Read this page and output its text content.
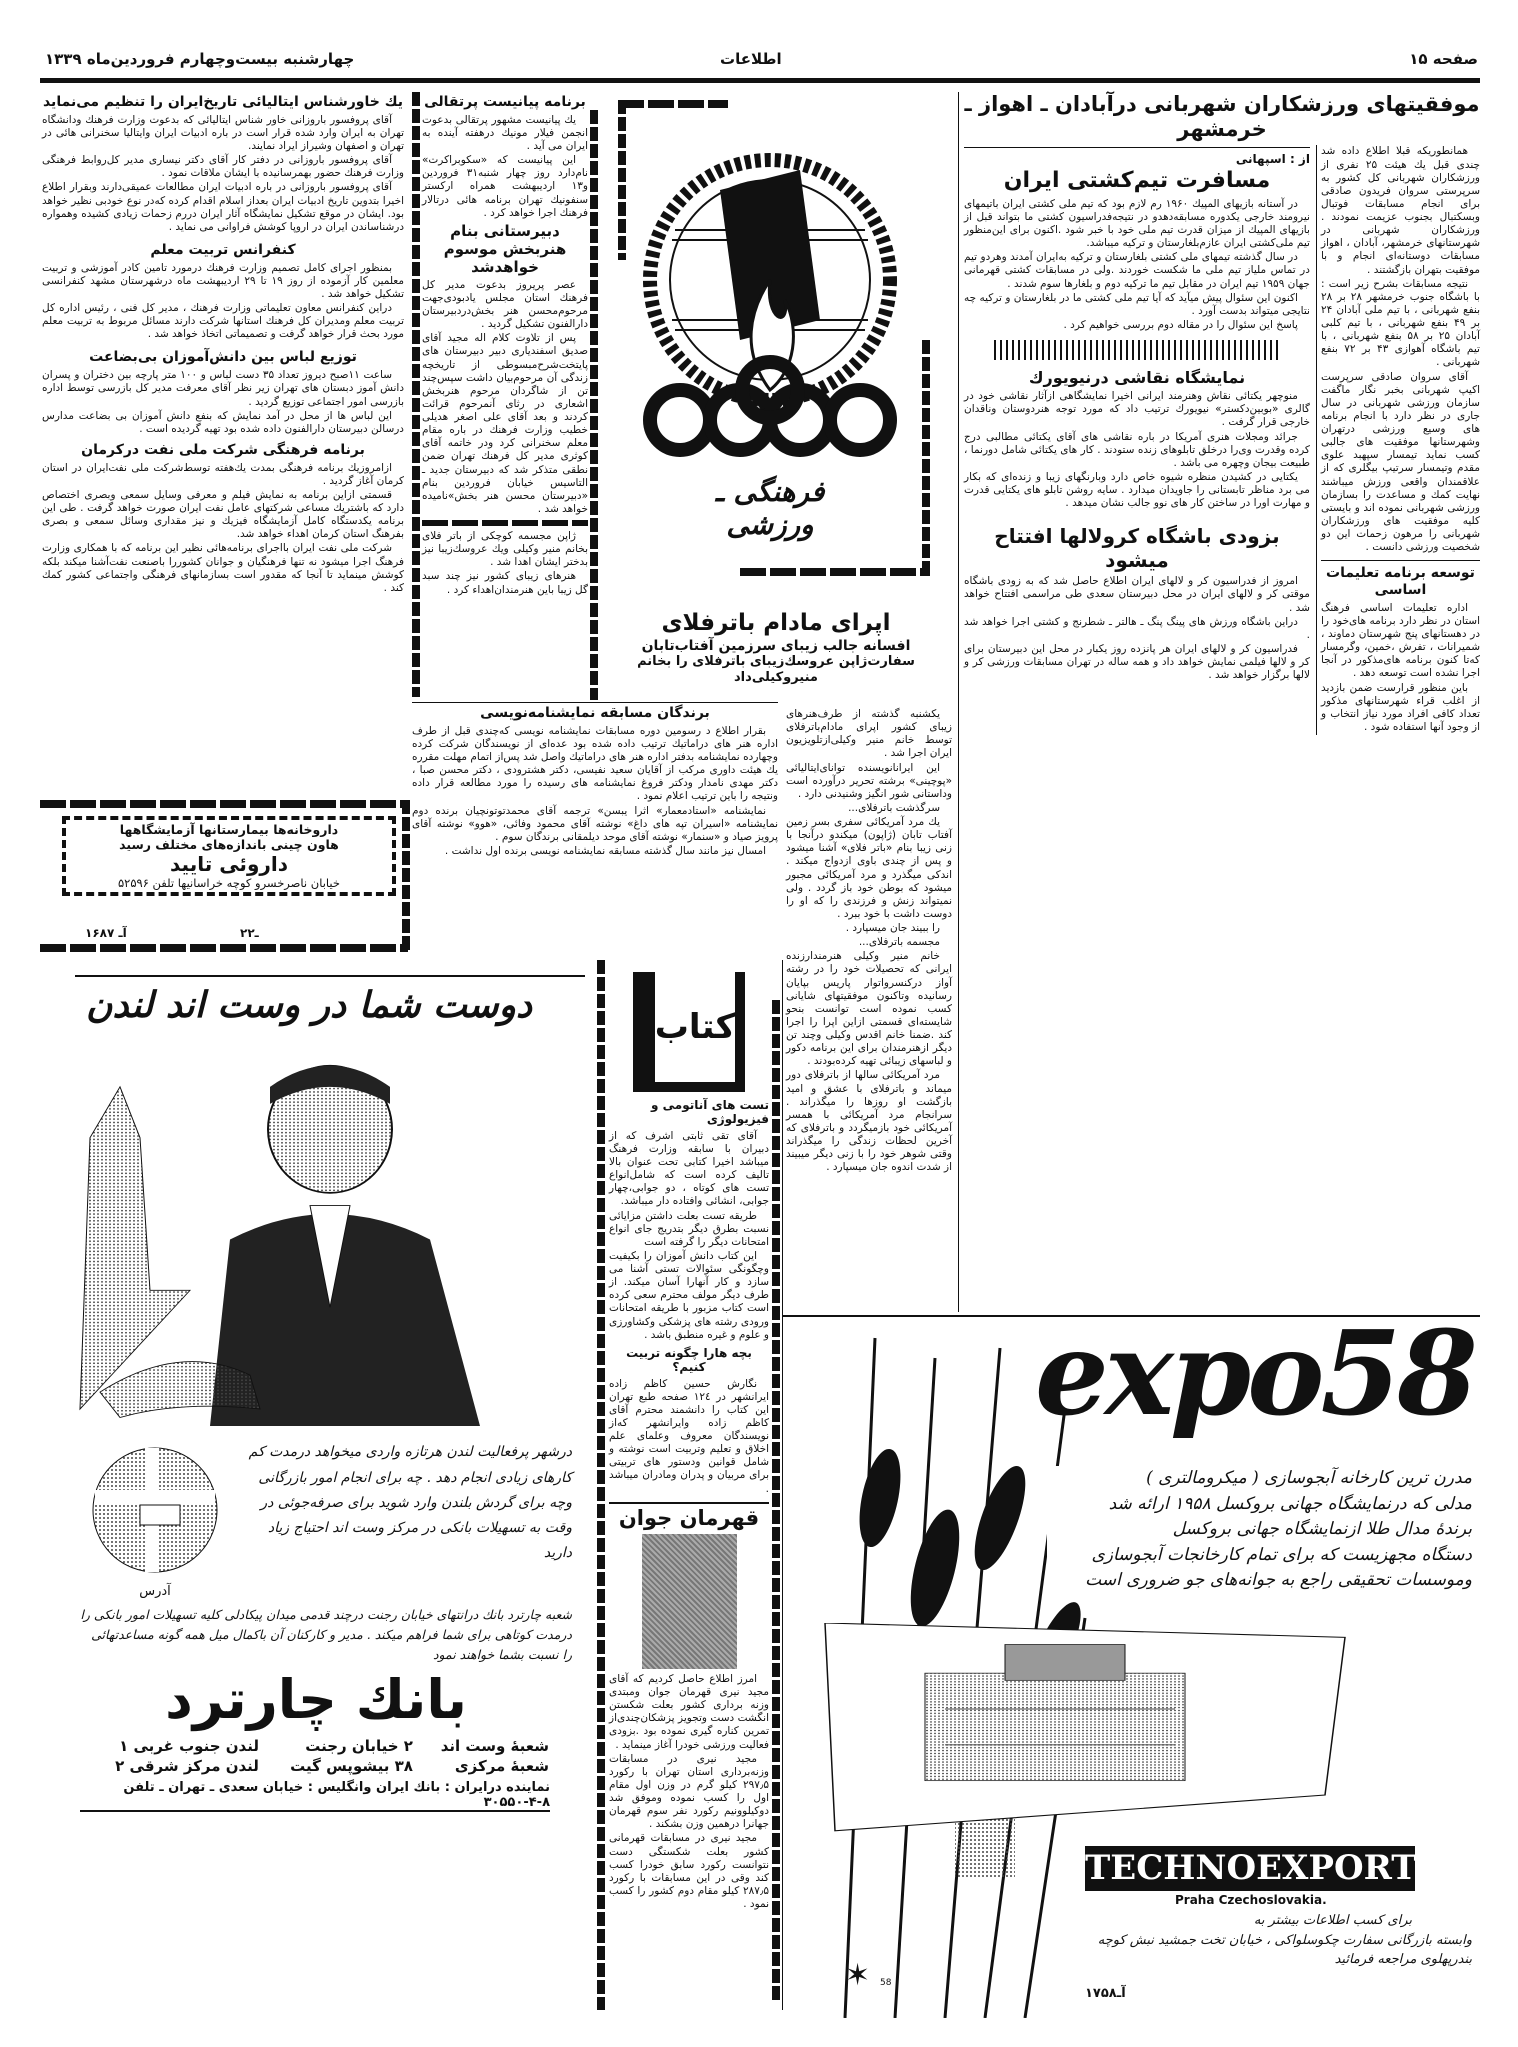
صفحه ۱۵
اطلاعات
چهارشنبه بیست‌وچهارم فروردین‌ماه ۱۳۳۹
موفقیتهای ورزشکاران شهربانی درآبادان ـ اهواز ـ خرمشهر
از : اسپهانی
مسافرت تیم‌کشتی ایران

در آستانه بازیهای المپیك ۱۹۶۰ رم لازم بود که تیم ملی کشتی ایران باتیمهای نیرومند خارجی یکدوره مسابقه‌دهدو در نتیجه‌فدراسیون کشتی ما بتواند قبل از بازیهای المپیك از میزان قدرت تیم ملی خود با خبر شود .اکنون برای این‌منظور تیم ملی‌کشتی ایران عازم‌بلغارستان و ترکیه میباشد.

در سال گذشته تیمهای ملی کشتی بلغارستان و ترکیه به‌ایران آمدند وهردو تیم در تماس ملیاز تیم ملی ما شکست خوردند .ولی در مسابقات کشتی قهرمانی جهان ۱۹۵۹ تیم ایران در مقابل تیم ما ترکیه دوم و بلغارها سوم شدند .

اکنون این سئوال پیش میآید که آیا تیم ملی کشتی ما در بلغارستان و ترکیه چه نتایجی میتواند بدست آورد .

پاسخ این سئوال را در مقاله دوم بررسی خواهیم کرد .

نمایشگاه نقاشی درنیویورك

منوچهر یکتائی نقاش وهنرمند ایرانی اخیرا نمایشگاهی ازآثار نقاشی خود در گالری «بوبین‌دکستر» نیویورك ترتیب داد که مورد توجه هنردوستان وناقدان خارجی قرار گرفت .

جرائد ومجلات هنری آمریکا در باره نقاشی های آقای یکتائی مطالبی درج کرده وقدرت وی‌را درخلق تابلوهای زنده ستودند . کار های یکتائی شامل دورنما ، طبیعت بیجان وچهره می باشد .

یکتایی در کشیدن منظره شیوه خاص دارد وبارنگهای زیبا و زنده‌ای که بکار می برد مناظر تابستانی را جاویدان میدارد . سایه روشن تابلو های یکتایی قدرت و مهارت اورا در ساختن کار های نوو جالب نشان میدهد .

بزودی باشگاه کرولالها افتتاح میشود

امروز از فدراسیون کر و لالهای ایران اطلاع حاصل شد که به زودی باشگاه موقتی کر و لالهای ایران در محل دبیرستان سعدی طی مراسمی افتتاح خواهد شد .

دراین باشگاه ورزش های پینگ پنگ ـ هالتر ـ شطرنج و کشتی اجرا خواهد شد .

فدراسیون کر و لالهای ایران هر پانزده روز یکبار در محل این دبیرستان برای کر و لالها فیلمی نمایش خواهد داد و همه ساله در تهران مسابقات ورزشی کر و لالها برگزار خواهد شد .

همانطوریکه قبلا اطلاع داده شد چندی قبل یك هیئت ۲۵ نفری از ورزشکاران شهربانی کل کشور به سرپرستی سروان فریدون صادقی برای انجام مسابقات فوتبال وبسکتبال بجنوب عزیمت نمودند . ورزشکاران شهربانی در شهرستانهای خرمشهر، آبادان ، اهواز مسابقات دوستانه‌ای انجام و با موفقیت بتهران بازگشتند .

نتیجه مسابقات بشرح زیر است : با باشگاه جنوب خرمشهر ۲۸ بر ۲۸ بنفع شهربانی ، با تیم ملی آبادان ۲۴ بر ۴۹ بنفع شهربانی ، با تیم کلبی آبادان ۲۵ بر ۵۸ بنفع شهربانی ، با تیم باشگاه آهوازی ۴۳ بر ۷۲ بنفع شهربانی .

آقای سروان صادقی سرپرست اکیپ شهربانی بخبر نگار ماگفت سازمان ورزشی شهربانی در سال جاری در نظر دارد با انجام برنامه های وسیع ورزشی درتهران وشهرستانها موفقیت های جالبی کسب نماید تیمسار سپهبد علوی مقدم وتیمسار سرتیپ بیگلری که از علاقمندان واقعی ورزش میباشند نهایت کمك و مساعدت را بسازمان ورزشی شهربانی نموده اند و بایستی کلیه موفقیت های ورزشکاران شهربانی را مرهون زحمات این دو شخصیت ورزشی دانست .

توسعه برنامه تعلیمات اساسی

اداره تعلیمات اساسی فرهنگ استان در نظر دارد برنامه های‌خود را در دهستانهای پنج شهرستان دماوند ، شمیرانات ، تفرش ،خمین، وگرمسار که‌تا کنون برنامه های‌مذکور در آنجا اجرا نشده است توسعه دهد .

باین منظور قرارست ضمن بازدید از اغلب قراء شهرستانهای مذکور تعداد کافی افراد مورد نیاز انتخاب و از وجود آنها استفاده شود .

فرهنگی ـ ورزشی
اپرای مادام باترفلای
افسانه جالب زیبای سرزمین آفتاب‌تابان
سفارت‌ژاپن عروسك‌زیبای باترفلای را بخانم منیروکیلی‌داد

یکشنبه گذشته از طرف‌هنرهای زیبای کشور اپرای مادام‌باترفلای توسط خانم منیر وکیلی‌ازتلویزیون ایران اجرا شد .

این ایرانانویسنده توانای‌ایتالیائی «پوچینی» برشته تحریر درآورده است وداستانی شور انگیز وشنیدنی دارد .

سرگذشت باترفلای...

یك مرد آمریکائی سفری بسر زمین آفتاب تابان (ژاپون) میکندو درآنجا با زنی زیبا بنام «باتر فلای» آشنا میشود و پس از چندی باوی ازدواج میکند . اندکی میگذرد و مرد آمریکائی مجبور میشود که بوطن خود باز گردد . ولی نمیتواند زنش و فرزندی را که او را دوست داشت با خود ببرد .

را ببیند جان میسپارد .

مجسمه باترفلای...

خانم منیر وکیلی هنرمندارزنده ایرانی که تحصیلات خود را در رشته آواز درکنسرواتوار پاریس بپایان رسانیده وتاکنون موفقیتهای شایانی کسب نموده است توانست بنحو شایسته‌ای قسمتی ازاین اپرا را اجرا کند .ضمنا خانم اقدس وکیلی وچند تن دیگر ازهنرمندان برای این برنامه دکور و لباسهای زیبائی تهیه کرده‌بودند .

مرد آمریکائی سالها از باترفلای دور میماند و باترفلای با عشق و امید بازگشت او روزها را میگذراند . سرانجام مرد آمریکائی با همسر آمریکائی خود بازمیگردد و باترفلای که آخرین لحظات زندگی را میگذراند وقتی شوهر خود را با زنی دیگر میبیند از شدت اندوه جان میسپارد .

برنامه پیانیست پرتقالی

یك پیانیست مشهور پرتقالی بدعوت انجمن فیلار مونیك درهفته آینده به ایران می آید .

این پیانیست که «سکوبراکرت» نام‌دارد روز چهار شنبه۳۱ فروردین و۱۳ اردیبهشت همراه ارکستر سنفونیك تهران برنامه هائی درتالار فرهنك اجرا خواهد کرد .

دبیرستانی بنام هنربخش موسوم خواهدشد

عصر پریروز بدعوت مدیر کل فرهنك استان مجلس یادبودی‌جهت مرحوم‌محسن هنر بخش‌دردبیرستان دارالفنون تشکیل گردید .

پس از تلاوت کلام اله مجید آقای صدیق اسفندیاری دبیر دبیرستان های پایتخت‌شرح‌مبسوطی از تاریخچه زندگی آن مرحوم‌بیان داشت سپس‌چند تن از شاگردان مرحوم هنربخش اشعاری در رثای آنمرحوم قرائت کردند و بعد آقای علی اصغر هدیلی خطیب وزارت فرهنك در باره مقام معلم سخنرانی کرد ودر خاتمه آقای کوثری مدیر کل فرهنك تهران ضمن نطقی متذکر شد که دبیرستان جدید ـ التاسیس خیابان فروردین بنام «دبیرستان محسن هنر بخش»نامیده خواهد شد .

ژاپن مجسمه کوچکی از باتر فلای بخانم منیر وکیلی ویك عروسك‌زیبا نیز بدختر ایشان اهدا شد .

هنرهای زیبای کشور نیز چند سبد گل زیبا باین هنرمندان‌اهداء کرد .

برندگان مسابقه نمایشنامه‌نویسی

بقرار اطلاع د رسومین دوره مسابقات نمایشنامه نویسی که‌چندی قبل از طرف اداره هنر های دراماتیك ترتیب داده شده بود عده‌ای از نویسندگان شرکت کرده وچهارده نمایشنامه بدفتر اداره هنر های دراماتیك واصل شد پس‌از اتمام مهلت مقرره یك هیئت داوری مرکب از آقایان سعید نفیسی، دکتر هشترودی ، دکتر محسن صبا ، دکتر مهدی نامدار ودکتر فروغ نمایشنامه های رسیده را مورد مطالعه قرار داده ونتیجه را باین ترتیب اعلام نمود .

نمایشنامه «استادمعمار» اثرا یبسن» ترجمه آقای محمدتوتونچیان برنده دوم نمایشنامه «اسیران تپه های داغ» نوشته آقای محمود وفائی، «هوو» نوشته آقای پرویز صیاد و «سنمار» نوشته آقای موحد دیلمقانی برندگان سوم .

امسال نیز مانند سال گذشته مسابقه نمایشنامه نویسی برنده اول نداشت .

یك خاورشناس ایتالیائی تاریخ‌ایران را تنظیم می‌نماید

آقای پروفسور باروزانی خاور شناس ایتالیائی که بدعوت وزارت فرهنك ودانشگاه تهران به ایران وارد شده قرار است در باره ادبیات ایران وایتالیا سخنرانی هائی در تهران و اصفهان وشیراز ایراد نمایند.

آقای پروفسور باروزانی در دفتر کار آقای دکتر نیساری مدیر کل‌روابط فرهنگی وزارت فرهنك حضور بهمرسانیده با ایشان ملاقات نمود .

آقای پروفسور باروزانی در باره ادبیات ایران مطالعات عمیقی‌دارند وبقرار اطلاع اخیرا بتدوین تاریخ ادبیات ایران بعداز اسلام اقدام کرده که‌در نوع خودبی نظیر خواهد بود. ایشان در موقع تشکیل نمایشگاه آثار ایران دررم زحمات زیادی کشیده وهمواره درشناساندن ایران در اروپا کوشش فراوانی می نماید .

کنفرانس تربیت معلم

بمنظور اجرای کامل تصمیم وزارت فرهنك درمورد تامین کادر آموزشی و تربیت معلمین کار آزموده از روز ۱۹ تا ۲۹ اردیبهشت ماه درشهرستان مشهد کنفرانسی تشکیل خواهد شد .

دراین کنفرانس معاون تعلیماتی وزارت فرهنك ، مدیر کل فنی ، رئیس اداره کل تربیت معلم ومدیران کل فرهنك استانها شرکت دارند مسائل مربوط به تربیت معلم مورد بحث قرار خواهد گرفت و تصمیماتی اتخاذ خواهد شد .

توزیع لباس بین دانش‌آموزان بی‌بضاعت

ساعت ۱۱صبح دیروز تعداد ۳۵ دست لباس و ۱۰۰ متر پارچه بین دختران و پسران دانش آموز دبستان های تهران زیر نظر آقای معرفت مدیر کل بازرسی توسط اداره بازرسی امور اجتماعی توزیع گردید .

این لباس ها از محل در آمد نمایش که بنفع دانش آموزان بی بضاعت مدارس درسالن دبیرستان دارالفنون داده شده بود تهیه گردیده است .

برنامه فرهنگی شرکت ملی نفت درکرمان

ازامروزیك برنامه فرهنگی بمدت یك‌هفته توسط‌شرکت ملی نفت‌ایران در استان کرمان آغاز گردید .

قسمتی ازاین برنامه به نمایش فیلم و معرفی وسایل سمعی وبصری اختصاص دارد که باشتریك مساعی شرکتهای عامل نفت ایران صورت خواهد گرفت . طی این برنامه یکدستگاه کامل آزمایشگاه فیزیك و نیز مقداری وسائل سمعی و بصری بفرهنگ استان کرمان اهداء خواهد شد.

شرکت ملی نفت ایران بااجرای برنامه‌هائی نظیر این برنامه که با همکاری وزارت فرهنگ اجرا میشود نه تنها فرهنگیان و جوانان کشوررا باصنعت نفت‌آشنا میکند بلکه کوشش مینماید تا آنجا که مقدور است بسازمانهای فرهنگی واجتماعی کشور کمك کند .

داروخانه‌ها بیمارستانها آزمایشگاهها
هاون چینی باندازه‌های مختلف رسید
داروئی تایید
خیابان ناصرخسرو کوچه خراسانیها تلفن ۵۲۵۹۶
آـ ۱۶۸۷	۲ـ۲
کتاب
تست های آناتومی و فیزیولوژی

آقای تقی ثابتی اشرف که از دبیران با سابقه وزارت فرهنگ میباشد اخیرا کتابی تحت عنوان بالا تالیف کرده است که شامل‌انواع تست های کوتاه ، دو جوابی،چهار جوابی، انشائی وافتاده دار میباشد.

طریقه تست بعلت داشتن مزایائی نسبت بطرق دیگر بتدریج جای انواع امتحانات دیگر را گرفته است

این کتاب دانش آموزان را بکیفیت وچگونگی سئوالات تستی آشنا می سازد و کار آنهارا آسان میکند. از طرف دیگر مولف محترم سعی کرده است کتاب مزبور با طریقه امتحانات ورودی رشته های پزشکی وکشاورزی و علوم و غیره منطبق باشد .

بچه هارا چگونه تربیت کنیم؟

نگارش حسین کاظم زاده ایرانشهر در ۱۲٤ صفحه طبع تهران این کتاب را دانشمند محترم آقای کاظم زاده وایرانشهر که‌از نویسندگان معروف وعلمای علم اخلاق و تعلیم وتربیت است نوشته و شامل قوانین ودستور های تربیتی برای مربیان و پدران ومادران میباشد .

قهرمان جوان

امرز اطلاع حاصل کردیم که آقای مجید نیری قهرمان جوان ومبتدی وزنه برداری کشور بعلت شکستن انگشت دست وتجویز پزشکان‌چندی‌از تمرین کناره گیری نموده بود .بزودی فعالیت ورزشی خودرا آغاز مینماید .

مجید نیری در مسابقات وزنه‌برداری استان تهران با رکورد ۲۹۷٫۵ کیلو گرم در وزن اول مقام اول را کسب نموده وموفق شد دوکیلوونیم رکورد نفر سوم قهرمان جهانرا درهمین وزن بشکند .

مجید نیری در مسابقات قهرمانی کشور بعلت شکستگی دست نتوانست رکورد سابق خودرا کسب کند وقی در این مسابقات با رکورد ۲۸۷٫۵ کیلو مقام دوم کشور را کسب نمود .

دوست شما در وست اند لندن
آدرس
درشهر پرفعالیت لندن هرتازه واردی میخواهد درمدت کم کارهای زیادی انجام دهد . چه برای انجام امور بازرگانی وچه برای گردش بلندن وارد شوید برای صرفه‌جوئی در وقت به تسهیلات بانکی در مرکز وست اند احتیاج زیاد دارید
شعبه چارترد بانك درانتهای خیابان رجنت درچند قدمی میدان پیکادلی کلیه تسهیلات امور بانکی را درمدت کوتاهی برای شما فراهم میکند . مدیر و کارکنان آن باکمال میل همه گونه مساعدتهائی را نسبت بشما خواهند نمود
بانك چارترد
شعبهٔ وست اند	۲ خیابان رجنت	لندن جنوب غربی ۱
شعبهٔ مرکزی	۳۸ بیشوپس گیت	لندن مرکز شرقی ۲
نماینده درایران : بانك ایران وانگلیس : خیابان سعدی ـ تهران ـ تلفن ۸-۴-۳۰۵۵۰
expo58
مدرن ترین کارخانه آبجوسازی ( میکرومالتری )
مدلی که درنمایشگاه جهانی بروکسل ۱۹۵۸ ارائه شد
برندهٔ مدال طلا ازنمایشگاه جهانی بروکسل
دستگاه مجهزیست که برای تمام کارخانجات آبجوسازی
وموسسات تحقیقی راجع به جوانه‌های جو ضروری است
✶ 58
TECHNOEXPORT
Praha Czechoslovakia.
برای کسب اطلاعات بیشتر به
وابسته بازرگانی سفارت چکوسلواکی ، خیابان تخت جمشید نبش کوچه بندرپهلوی مراجعه فرمائید
آـ۱۷۵۸
